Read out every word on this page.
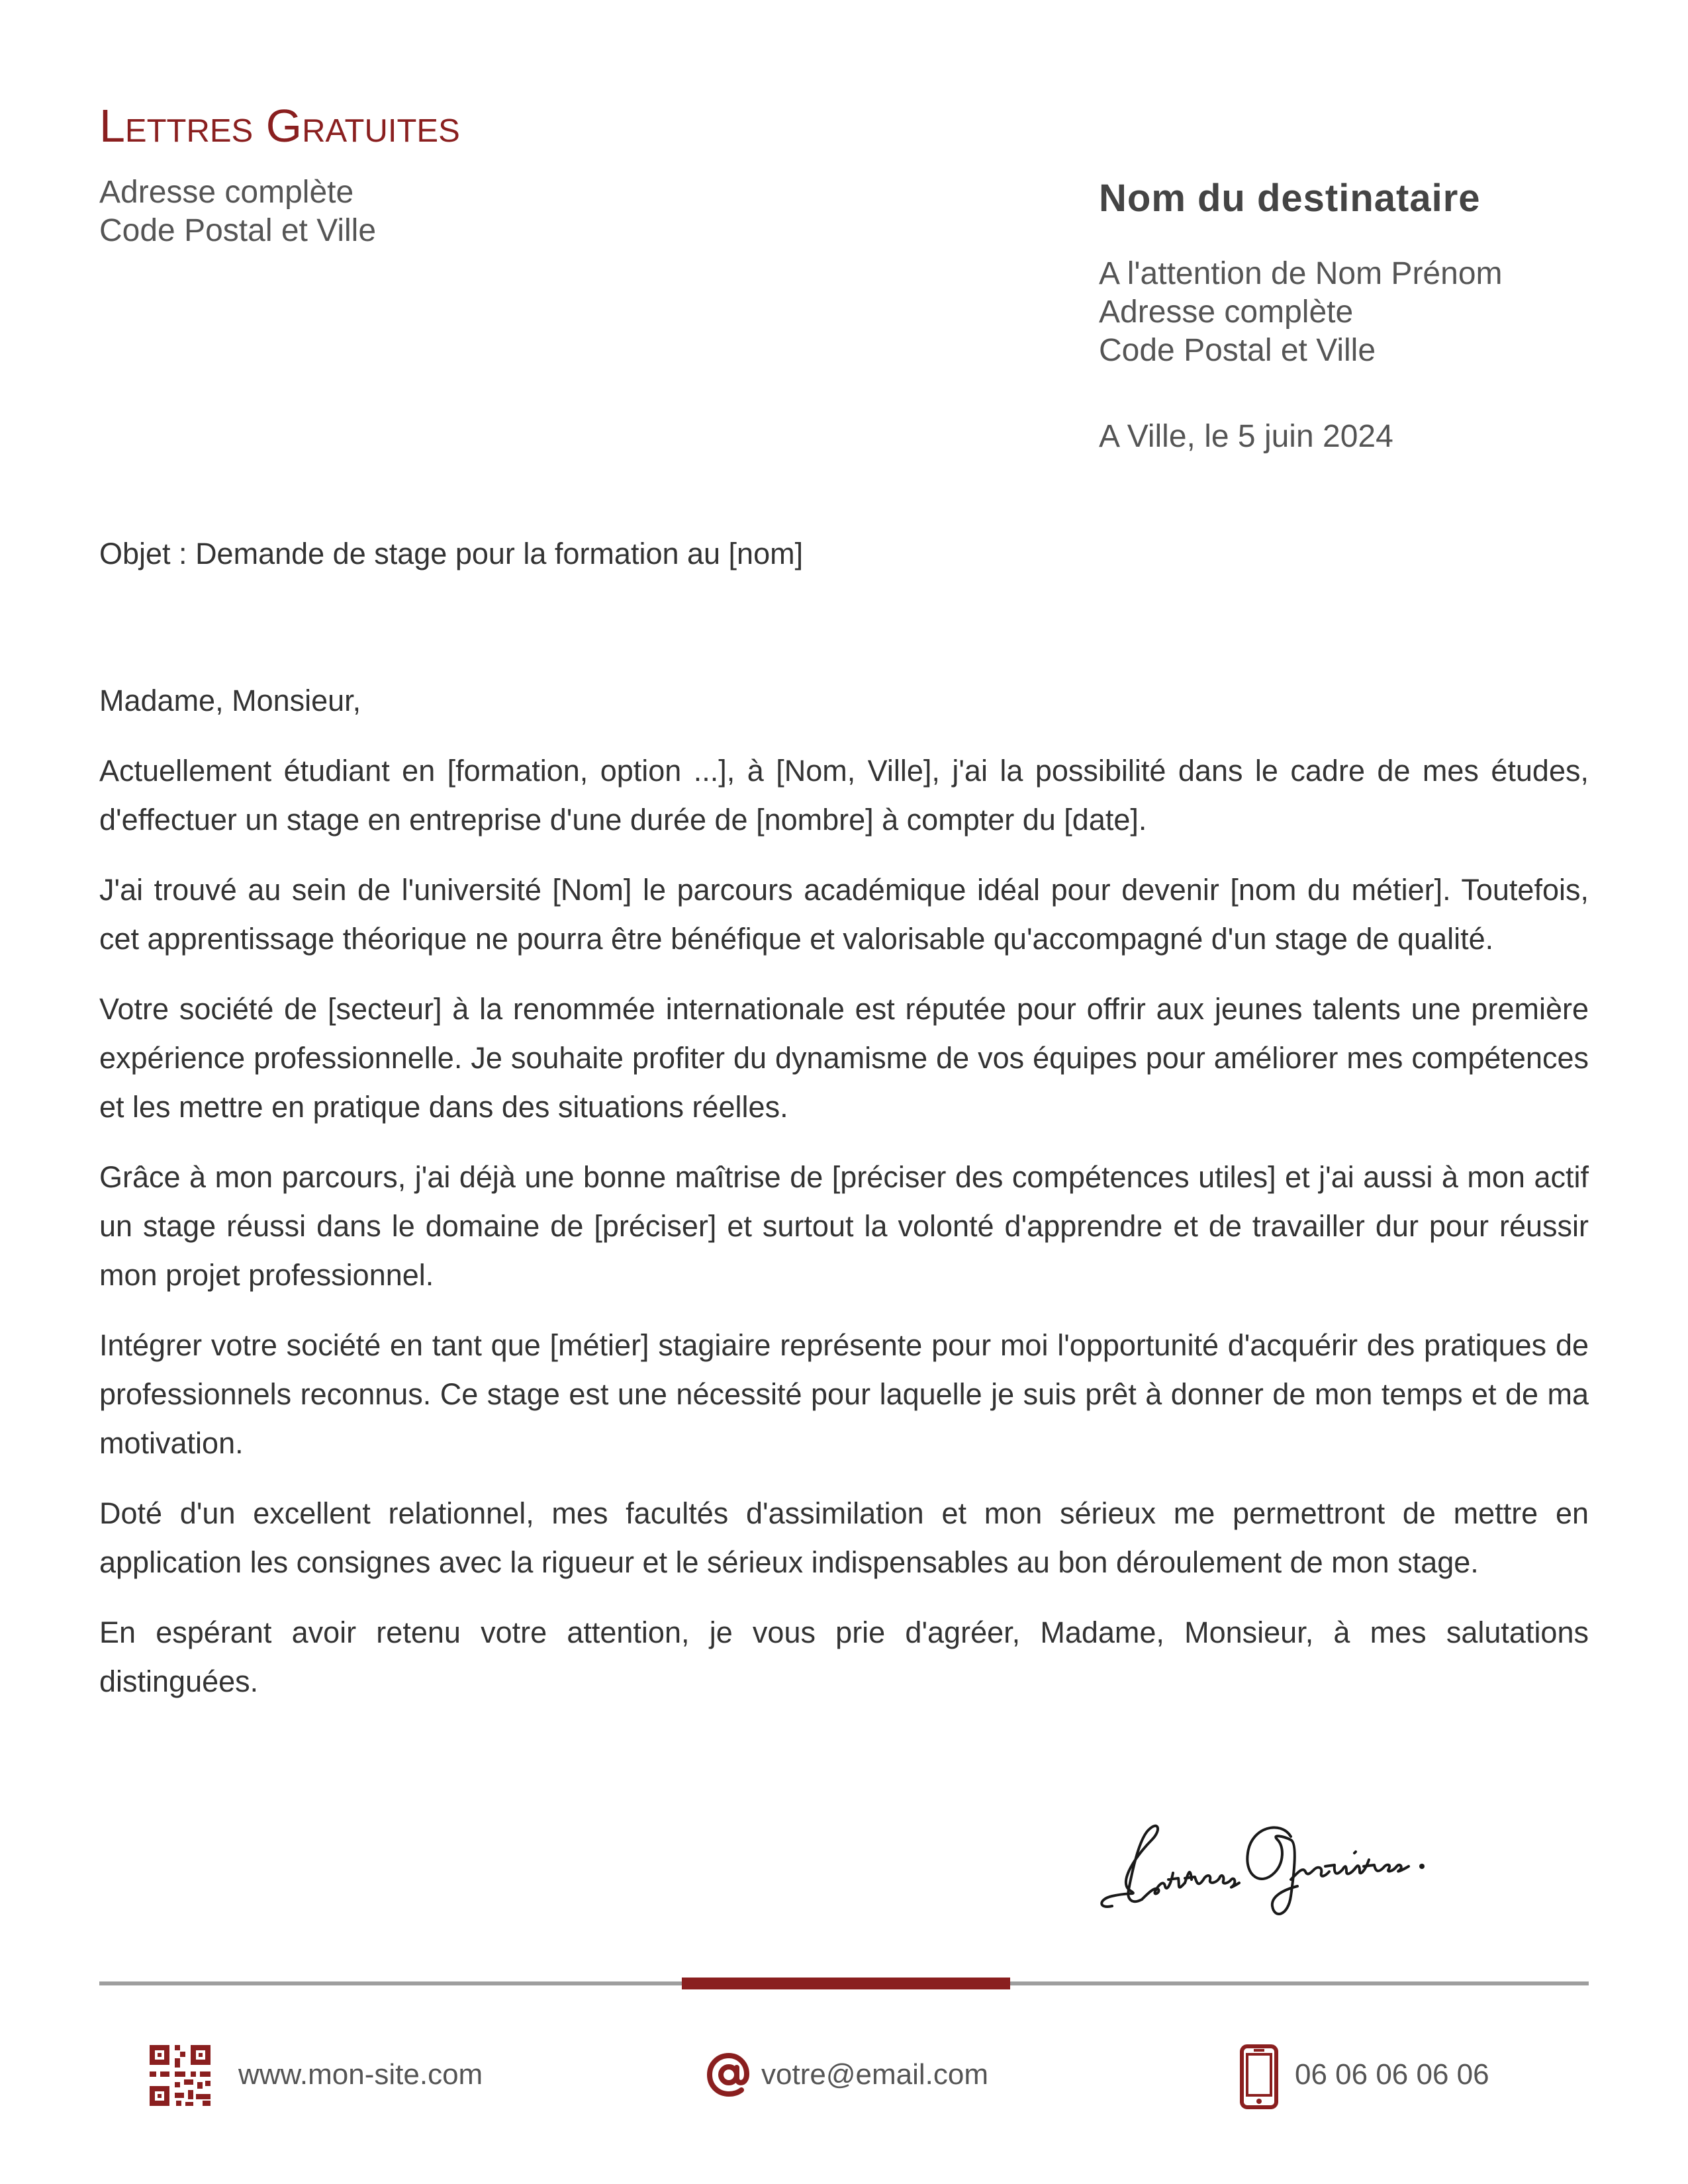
Lettres Gratuites
Adresse complète
Code Postal et Ville
Nom du destinataire
A l'attention de Nom Prénom
Adresse complète
Code Postal et Ville
A Ville, le 5 juin 2024
Objet : Demande de stage pour la formation au [nom]

Madame, Monsieur,

Actuellement étudiant en [formation, option ...], à [Nom, Ville], j'ai la possibilité dans le cadre de mes études, d'effectuer un stage en entreprise d'une durée de [nombre] à compter du [date].

J'ai trouvé au sein de l'université [Nom] le parcours académique idéal pour devenir [nom du métier]. Toutefois, cet apprentissage théorique ne pourra être bénéfique et valorisable qu'accompagné d'un stage de qualité.

Votre société de [secteur] à la renommée internationale est réputée pour offrir aux jeunes talents une première expérience professionnelle. Je souhaite profiter du dynamisme de vos équipes pour améliorer mes compétences et les mettre en pratique dans des situations réelles.

Grâce à mon parcours, j'ai déjà une bonne maîtrise de [préciser des compétences utiles] et j'ai aussi à mon actif un stage réussi dans le domaine de [préciser] et surtout la volonté d'apprendre et de travailler dur pour réussir mon projet professionnel.

Intégrer votre société en tant que [métier] stagiaire représente pour moi l'opportunité d'acquérir des pratiques de professionnels reconnus. Ce stage est une nécessité pour laquelle je suis prêt à donner de mon temps et de ma motivation.

Doté d'un excellent relationnel, mes facultés d'assimilation et mon sérieux me permettront de mettre en application les consignes avec la rigueur et le sérieux indispensables au bon déroulement de mon stage.

En espérant avoir retenu votre attention, je vous prie d'agréer, Madame, Monsieur, à mes salutations distinguées.

www.mon-site.com	votre@email.com	06 06 06 06 06
